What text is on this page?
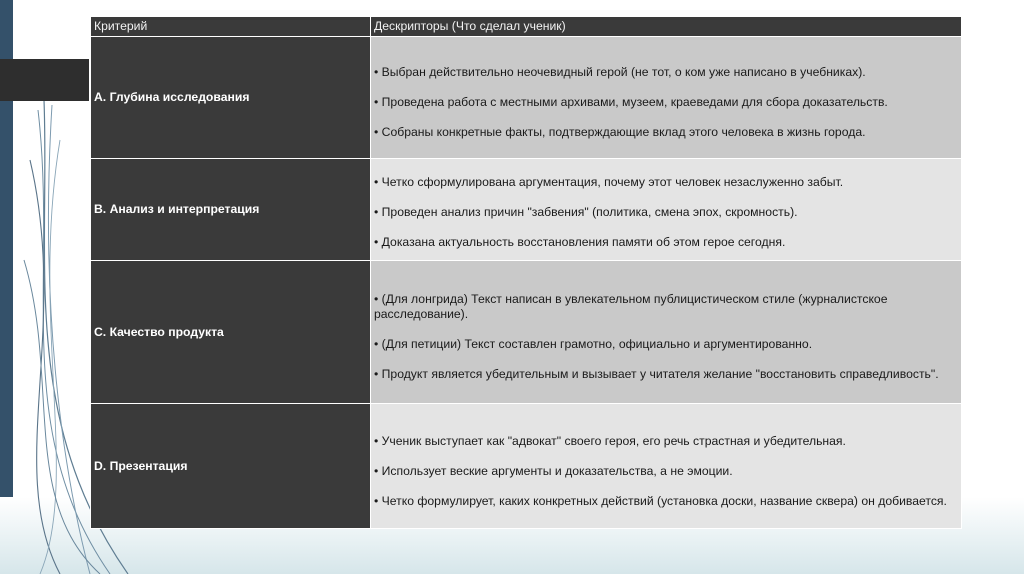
Критерий	Дескрипторы (Что сделал ученик)
A. Глубина исследования	• Выбран действительно неочевидный герой (не тот, о ком уже написано в учебниках).

• Проведена работа с местными архивами, музеем, краеведами для сбора доказательств.

• Собраны конкретные факты, подтверждающие вклад этого человека в жизнь города.

B. Анализ и интерпретация	• Четко сформулирована аргументация, почему этот человек незаслуженно забыт.

• Проведен анализ причин "забвения" (политика, смена эпох, скромность).

• Доказана актуальность восстановления памяти об этом герое сегодня.

C. Качество продукта	• (Для лонгрида) Текст написан в увлекательном публицистическом стиле (журналистское расследование).

• (Для петиции) Текст составлен грамотно, официально и аргументированно.

• Продукт является убедительным и вызывает у читателя желание "восстановить справедливость".

D. Презентация	• Ученик выступает как "адвокат" своего героя, его речь страстная и убедительная.

• Использует веские аргументы и доказательства, а не эмоции.

• Четко формулирует, каких конкретных действий (установка доски, название сквера) он добивается.
